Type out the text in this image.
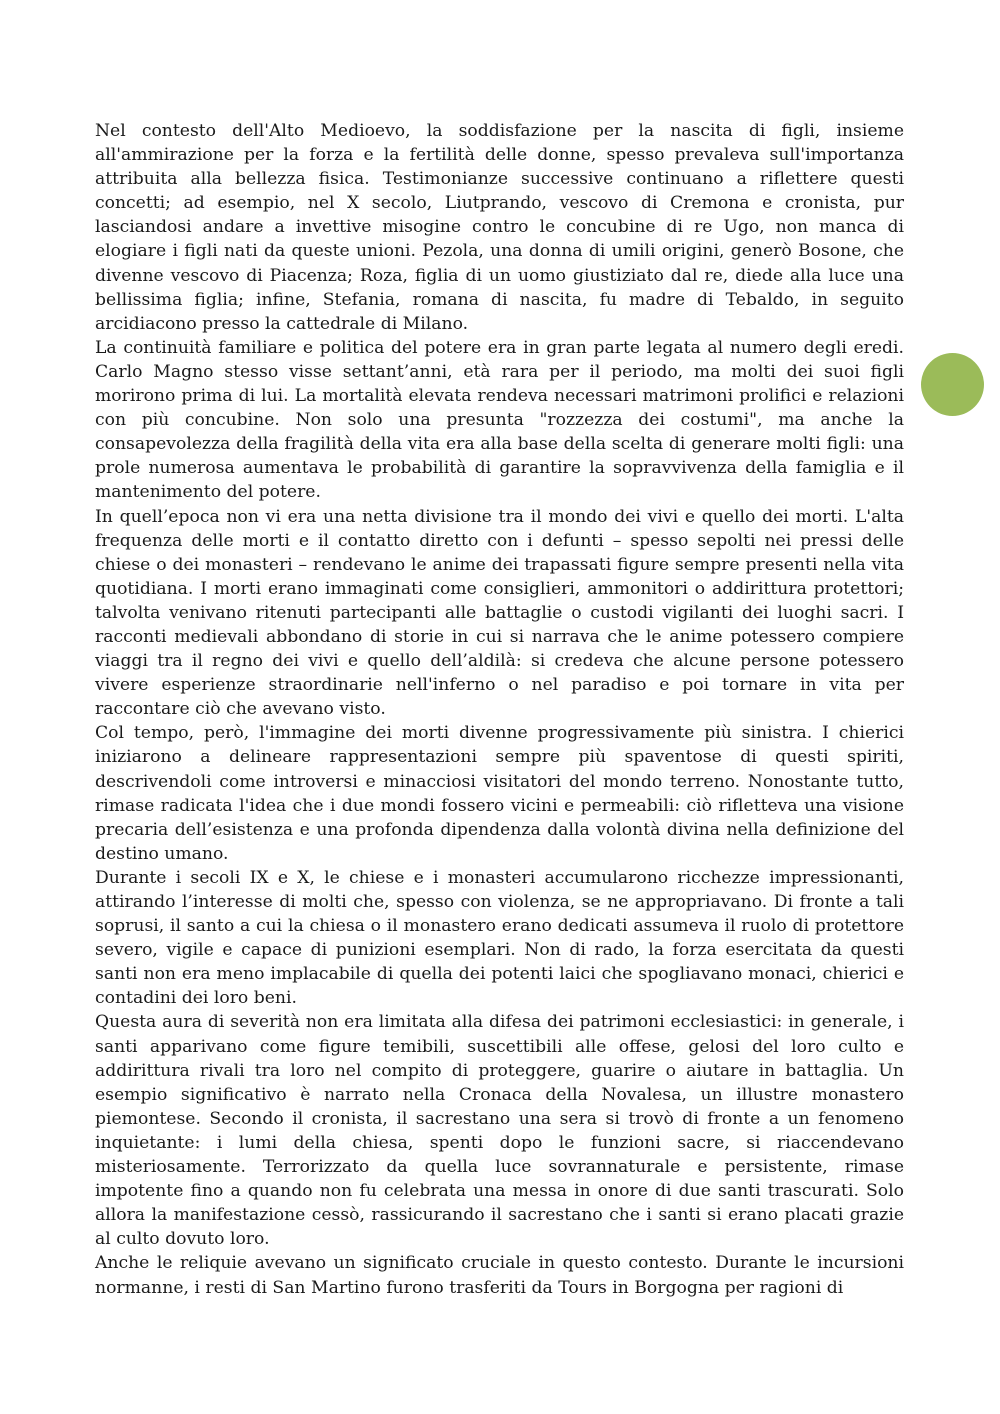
Nel contesto dell'Alto Medioevo, la soddisfazione per la nascita di figli, insieme all'ammirazione per la forza e la fertilità delle donne, spesso prevaleva sull'importanza attribuita alla bellezza fisica. Testimonianze successive continuano a riflettere questi concetti; ad esempio, nel X secolo, Liutprando, vescovo di Cremona e cronista, pur lasciandosi andare a invettive misogine contro le concubine di re Ugo, non manca di elogiare i figli nati da queste unioni. Pezola, una donna di umili origini, generò Bosone, che divenne vescovo di Piacenza; Roza, figlia di un uomo giustiziato dal re, diede alla luce una bellissima figlia; infine, Stefania, romana di nascita, fu madre di Tebaldo, in seguito arcidiacono presso la cattedrale di Milano.

La continuità familiare e politica del potere era in gran parte legata al numero degli eredi. Carlo Magno stesso visse settant’anni, età rara per il periodo, ma molti dei suoi figli morirono prima di lui. La mortalità elevata rendeva necessari matrimoni prolifici e relazioni con più concubine. Non solo una presunta "rozzezza dei costumi", ma anche la consapevolezza della fragilità della vita era alla base della scelta di generare molti figli: una prole numerosa aumentava le probabilità di garantire la sopravvivenza della famiglia e il mantenimento del potere.

In quell’epoca non vi era una netta divisione tra il mondo dei vivi e quello dei morti. L'alta frequenza delle morti e il contatto diretto con i defunti – spesso sepolti nei pressi delle chiese o dei monasteri – rendevano le anime dei trapassati figure sempre presenti nella vita quotidiana. I morti erano immaginati come consiglieri, ammonitori o addirittura protettori; talvolta venivano ritenuti partecipanti alle battaglie o custodi vigilanti dei luoghi sacri. I racconti medievali abbondano di storie in cui si narrava che le anime potessero compiere viaggi tra il regno dei vivi e quello dell’aldilà: si credeva che alcune persone potessero vivere esperienze straordinarie nell'inferno o nel paradiso e poi tornare in vita per raccontare ciò che avevano visto.

Col tempo, però, l'immagine dei morti divenne progressivamente più sinistra. I chierici iniziarono a delineare rappresentazioni sempre più spaventose di questi spiriti, descrivendoli come introversi e minacciosi visitatori del mondo terreno. Nonostante tutto, rimase radicata l'idea che i due mondi fossero vicini e permeabili: ciò rifletteva una visione precaria dell’esistenza e una profonda dipendenza dalla volontà divina nella definizione del destino umano.

Durante i secoli IX e X, le chiese e i monasteri accumularono ricchezze impressionanti, attirando l’interesse di molti che, spesso con violenza, se ne appropriavano. Di fronte a tali soprusi, il santo a cui la chiesa o il monastero erano dedicati assumeva il ruolo di protettore severo, vigile e capace di punizioni esemplari. Non di rado, la forza esercitata da questi santi non era meno implacabile di quella dei potenti laici che spogliavano monaci, chierici e contadini dei loro beni.

Questa aura di severità non era limitata alla difesa dei patrimoni ecclesiastici: in generale, i santi apparivano come figure temibili, suscettibili alle offese, gelosi del loro culto e addirittura rivali tra loro nel compito di proteggere, guarire o aiutare in battaglia. Un esempio significativo è narrato nella Cronaca della Novalesa, un illustre monastero piemontese. Secondo il cronista, il sacrestano una sera si trovò di fronte a un fenomeno inquietante: i lumi della chiesa, spenti dopo le funzioni sacre, si riaccendevano misteriosamente. Terrorizzato da quella luce sovrannaturale e persistente, rimase impotente fino a quando non fu celebrata una messa in onore di due santi trascurati. Solo allora la manifestazione cessò, rassicurando il sacrestano che i santi si erano placati grazie al culto dovuto loro.

Anche le reliquie avevano un significato cruciale in questo contesto. Durante le incursioni normanne, i resti di San Martino furono trasferiti da Tours in Borgogna per ragioni di
